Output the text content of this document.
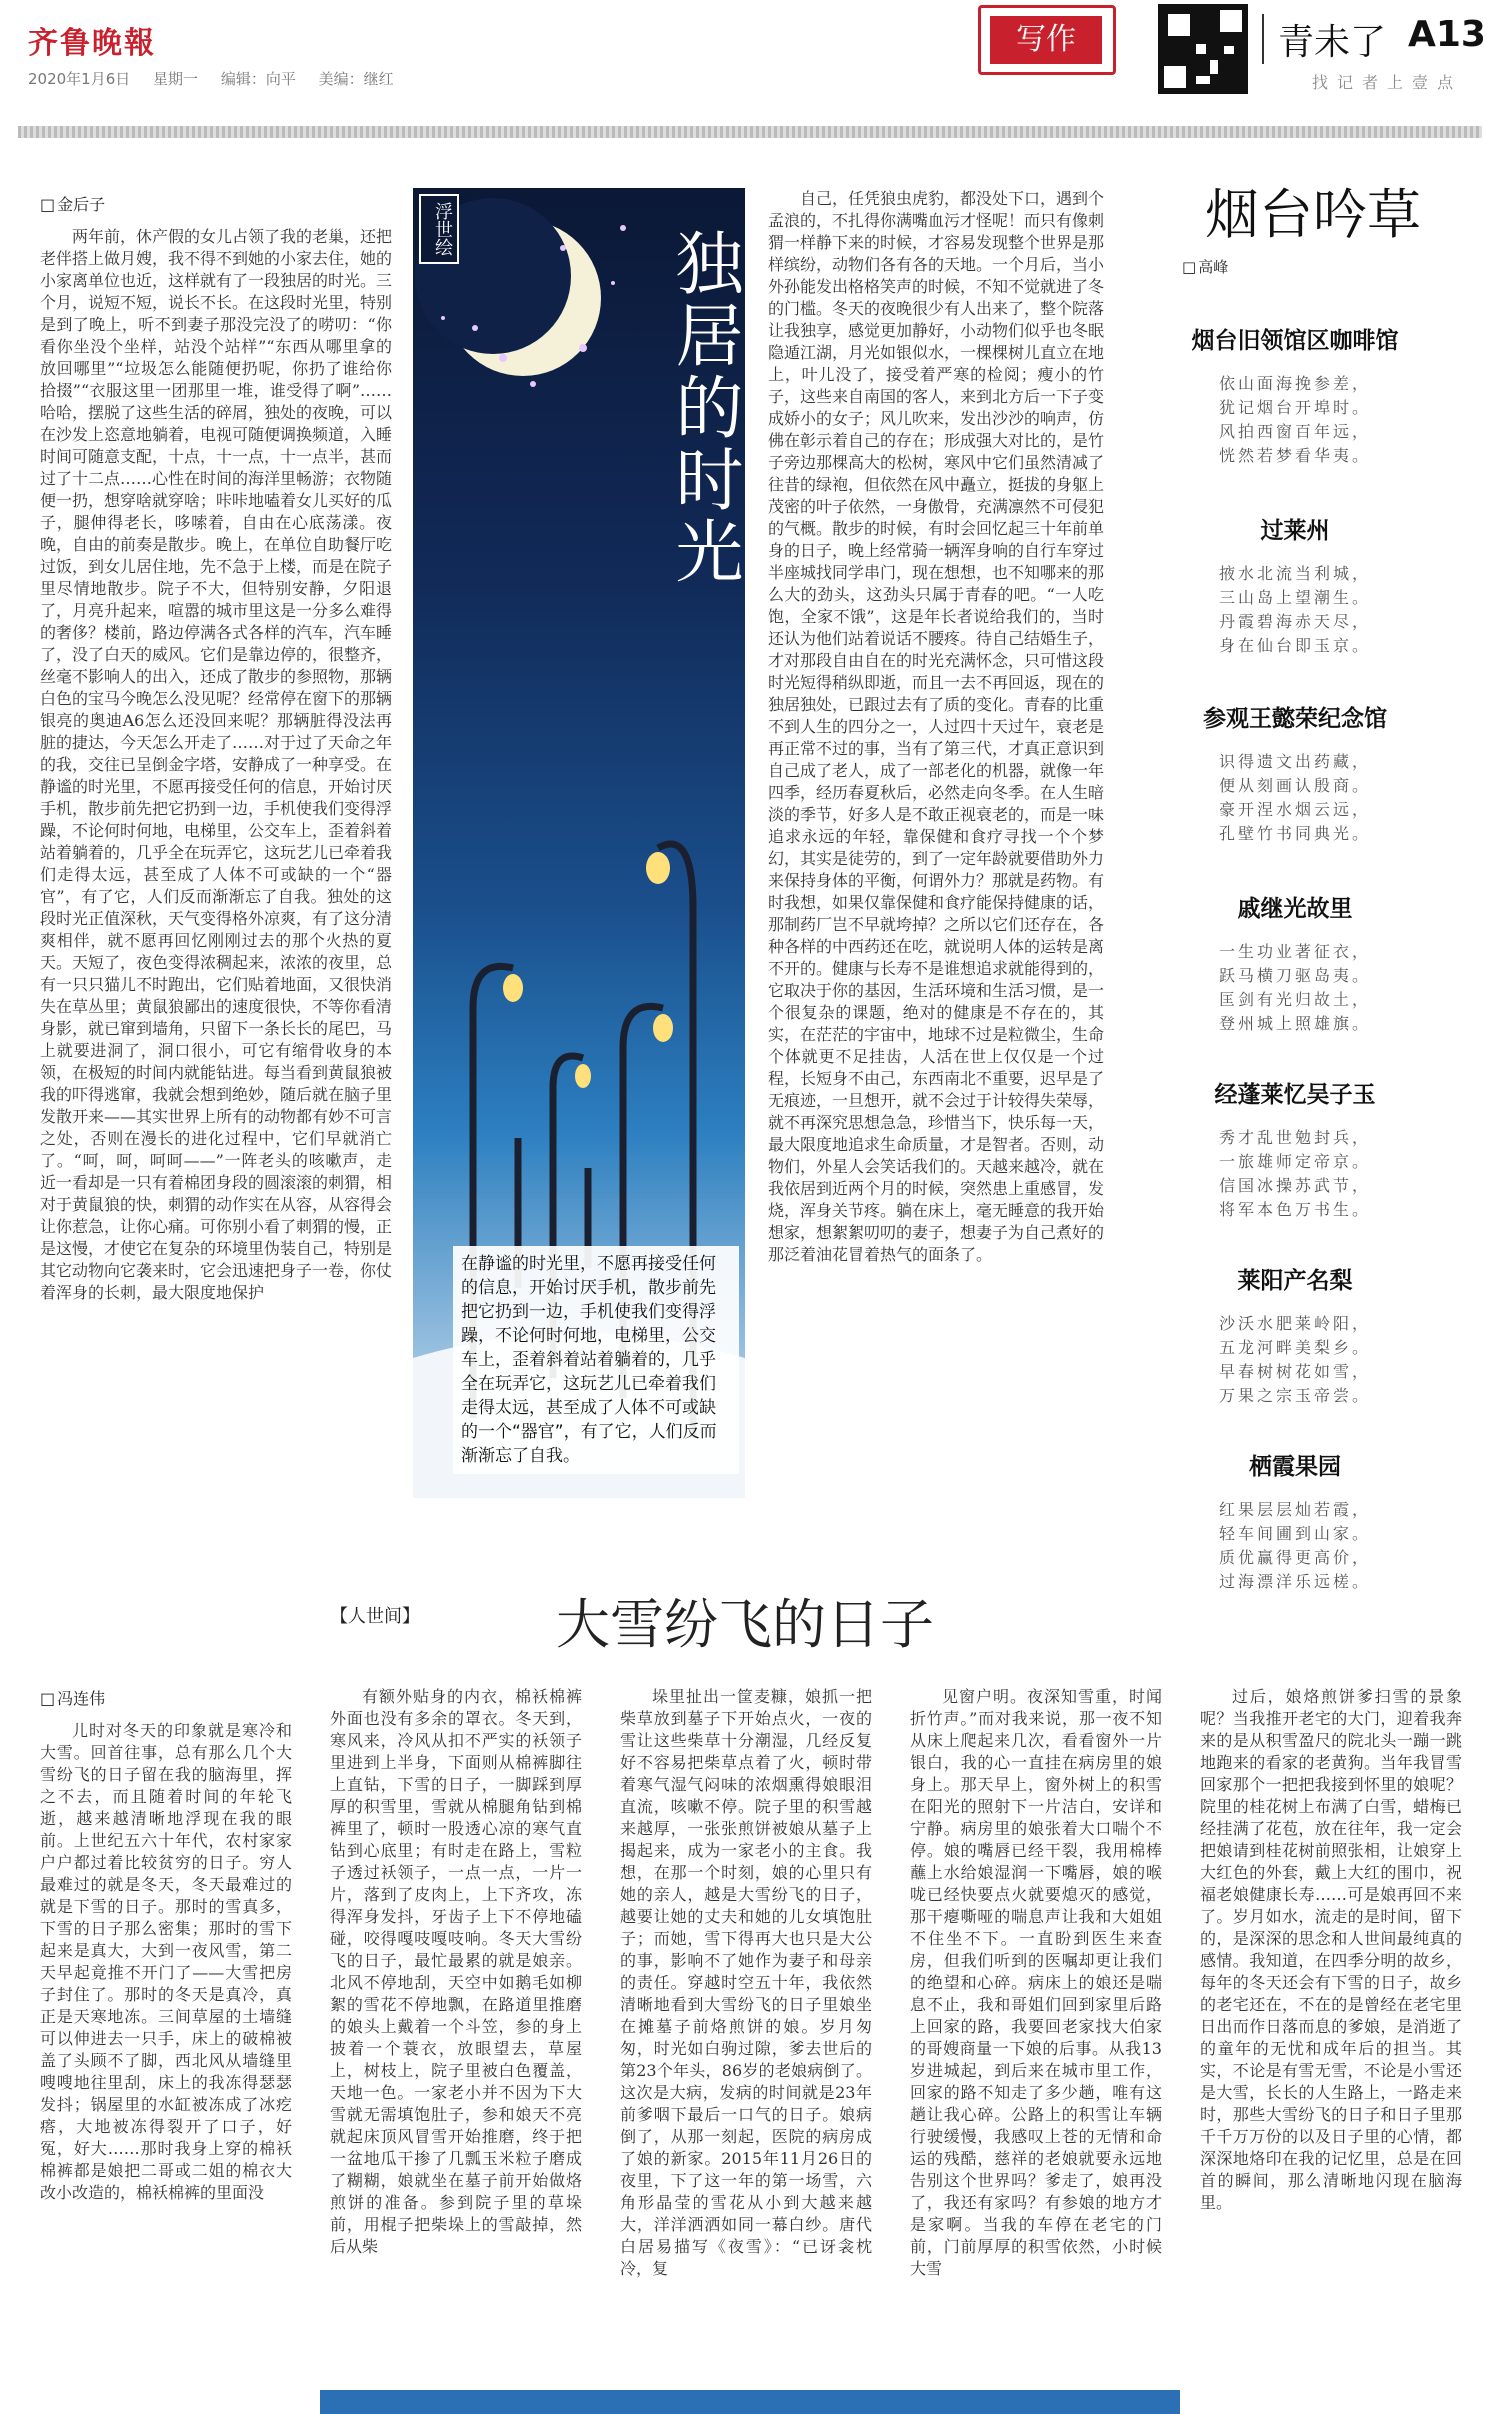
齐鲁晚報
2020年1月6日 星期一 编辑：向平 美编：继红
写作	青未了 A13
找记者上壹点
□ 金后子

两年前，休产假的女儿占领了我的老巢，还把老伴搭上做月嫂，我不得不到她的小家去住，她的小家离单位也近，这样就有了一段独居的时光。三个月，说短不短，说长不长。在这段时光里，特别是到了晚上，听不到妻子那没完没了的唠叨：“你看你坐没个坐样，站没个站样”“东西从哪里拿的放回哪里”“垃圾怎么能随便扔呢，你扔了谁给你拾掇”“衣服这里一团那里一堆，谁受得了啊”……哈哈，摆脱了这些生活的碎屑，独处的夜晚，可以在沙发上恣意地躺着，电视可随便调换频道，入睡时间可随意支配，十点，十一点，十一点半，甚而过了十二点……心性在时间的海洋里畅游；衣物随便一扔，想穿啥就穿啥；咔咔地嗑着女儿买好的瓜子，腿伸得老长，哆嗦着，自由在心底荡漾。夜晚，自由的前奏是散步。晚上，在单位自助餐厅吃过饭，到女儿居住地，先不急于上楼，而是在院子里尽情地散步。院子不大，但特别安静，夕阳退了，月亮升起来，喧嚣的城市里这是一分多么难得的奢侈？楼前，路边停满各式各样的汽车，汽车睡了，没了白天的威风。它们是靠边停的，很整齐，丝毫不影响人的出入，还成了散步的参照物，那辆白色的宝马今晚怎么没见呢？经常停在窗下的那辆银亮的奥迪A6怎么还没回来呢？那辆脏得没法再脏的捷达，今天怎么开走了……对于过了天命之年的我，交往已呈倒金字塔，安静成了一种享受。在静谧的时光里，不愿再接受任何的信息，开始讨厌手机，散步前先把它扔到一边，手机使我们变得浮躁，不论何时何地，电梯里，公交车上，歪着斜着站着躺着的，几乎全在玩弄它，这玩艺儿已牵着我们走得太远，甚至成了人体不可或缺的一个“器官”，有了它，人们反而渐渐忘了自我。独处的这段时光正值深秋，天气变得格外凉爽，有了这分清爽相伴，就不愿再回忆刚刚过去的那个火热的夏天。天短了，夜色变得浓稠起来，浓浓的夜里，总有一只只猫儿不时跑出，它们贴着地面，又很快消失在草丛里；黄鼠狼鄙出的速度很快，不等你看清身影，就已窜到墙角，只留下一条长长的尾巴，马上就要进洞了，洞口很小，可它有缩骨收身的本领，在极短的时间内就能钻进。每当看到黄鼠狼被我的吓得逃窜，我就会想到绝妙，随后就在脑子里发散开来——其实世界上所有的动物都有妙不可言之处，否则在漫长的进化过程中，它们早就消亡了。“呵，呵，呵呵——”一阵老头的咳嗽声，走近一看却是一只有着棉团身段的圆滚滚的刺猬，相对于黄鼠狼的快，刺猬的动作实在从容，从容得会让你惹急，让你心痛。可你别小看了刺猬的慢，正是这慢，才使它在复杂的环境里伪装自己，特别是其它动物向它袭来时，它会迅速把身子一卷，你仗着浑身的长刺，最大限度地保护

浮世绘	独居的时光
在静谧的时光里，不愿再接受任何的信息，开始讨厌手机，散步前先把它扔到一边，手机使我们变得浮躁，不论何时何地，电梯里，公交车上，歪着斜着站着躺着的，几乎全在玩弄它，这玩艺儿已牵着我们走得太远，甚至成了人体不可或缺的一个“器官”，有了它，人们反而渐渐忘了自我。

自己，任凭狼虫虎豹，都没处下口，遇到个孟浪的，不扎得你满嘴血污才怪呢！而只有像刺猬一样静下来的时候，才容易发现整个世界是那样缤纷，动物们各有各的天地。一个月后，当小外孙能发出格格笑声的时候，不知不觉就进了冬的门槛。冬天的夜晚很少有人出来了，整个院落让我独享，感觉更加静好，小动物们似乎也冬眠隐遁江湖，月光如银似水，一棵棵树儿直立在地上，叶儿没了，接受着严寒的检阅；瘦小的竹子，这些来自南国的客人，来到北方后一下子变成娇小的女子；风儿吹来，发出沙沙的响声，仿佛在彰示着自己的存在；形成强大对比的，是竹子旁边那棵高大的松树，寒风中它们虽然清减了往昔的绿袍，但依然在风中矗立，挺拔的身躯上茂密的叶子依然，一身傲骨，充满凛然不可侵犯的气概。散步的时候，有时会回忆起三十年前单身的日子，晚上经常骑一辆浑身响的自行车穿过半座城找同学串门，现在想想，也不知哪来的那么大的劲头，这劲头只属于青春的吧。“一人吃饱，全家不饿”，这是年长者说给我们的，当时还认为他们站着说话不腰疼。待自己结婚生子，才对那段自由自在的时光充满怀念，只可惜这段时光短得稍纵即逝，而且一去不再回返，现在的独居独处，已跟过去有了质的变化。青春的比重不到人生的四分之一，人过四十天过午，衰老是再正常不过的事，当有了第三代，才真正意识到自己成了老人，成了一部老化的机器，就像一年四季，经历春夏秋后，必然走向冬季。在人生暗淡的季节，好多人是不敢正视衰老的，而是一味追求永远的年轻，靠保健和食疗寻找一个个梦幻，其实是徒劳的，到了一定年龄就要借助外力来保持身体的平衡，何谓外力？那就是药物。有时我想，如果仅靠保健和食疗能保持健康的话，那制药厂岂不早就垮掉？之所以它们还存在，各种各样的中西药还在吃，就说明人体的运转是离不开的。健康与长寿不是谁想追求就能得到的，它取决于你的基因，生活环境和生活习惯，是一个很复杂的课题，绝对的健康是不存在的，其实，在茫茫的宇宙中，地球不过是粒微尘，生命个体就更不足挂齿，人活在世上仅仅是一个过程，长短身不由己，东西南北不重要，迟早是了无痕迹，一旦想开，就不会过于计较得失荣辱，就不再深究思想急急，珍惜当下，快乐每一天，最大限度地追求生命质量，才是智者。否则，动物们，外星人会笑话我们的。天越来越冷，就在我依居到近两个月的时候，突然患上重感冒，发烧，浑身关节疼。躺在床上，毫无睡意的我开始想家，想絮絮叨叨的妻子，想妻子为自己煮好的那泛着油花冒着热气的面条了。

烟台吟草
□ 高峰
烟台旧领馆区咖啡馆
依山面海挽参差，
犹记烟台开埠时。
风拍西窗百年远，
恍然若梦看华夷。
过莱州
掖水北流当利城，
三山岛上望潮生。
丹霞碧海赤天尽，
身在仙台即玉京。
参观王懿荣纪念馆
识得遗文出药藏，
便从刻画认殷商。
豪开涅水烟云远，
孔壁竹书同典光。
戚继光故里
一生功业著征衣，
跃马横刀驱岛夷。
匡剑有光归故土，
登州城上照雄旗。
经蓬莱忆吴子玉
秀才乱世勉封兵，
一旅雄师定帝京。
信国冰操苏武节，
将军本色万书生。
莱阳产名梨
沙沃水肥莱岭阳，
五龙河畔美梨乡。
早春树树花如雪，
万果之宗玉帝尝。
栖霞果园
红果层层灿若霞，
轻车间圃到山家。
质优赢得更高价，
过海漂洋乐远槎。
【人世间】	大雪纷飞的日子
□ 冯连伟

儿时对冬天的印象就是寒冷和大雪。回首往事，总有那么几个大雪纷飞的日子留在我的脑海里，挥之不去，而且随着时间的年轮飞逝，越来越清晰地浮现在我的眼前。上世纪五六十年代，农村家家户户都过着比较贫穷的日子。穷人最难过的就是冬天，冬天最难过的就是下雪的日子。那时的雪真多，下雪的日子那么密集；那时的雪下起来是真大，大到一夜风雪，第二天早起竟推不开门了——大雪把房子封住了。那时的冬天是真冷，真正是天寒地冻。三间草屋的土墙缝可以伸进去一只手，床上的破棉被盖了头顾不了脚，西北风从墙缝里嗖嗖地往里刮，床上的我冻得瑟瑟发抖；锅屋里的水缸被冻成了冰疙瘩，大地被冻得裂开了口子，好冤，好大……那时我身上穿的棉袄棉裤都是娘把二哥或二姐的棉衣大改小改造的，棉袄棉裤的里面没

有额外贴身的内衣，棉袄棉裤外面也没有多余的罩衣。冬天到，寒风来，冷风从扣不严实的袄领子里进到上半身，下面则从棉裤脚往上直钻，下雪的日子，一脚踩到厚厚的积雪里，雪就从棉腿角钻到棉裤里了，顿时一股透心凉的寒气直钻到心底里；有时走在路上，雪粒子透过袄领子，一点一点，一片一片，落到了皮肉上，上下齐攻，冻得浑身发抖，牙齿子上下不停地磕碰，咬得嘎吱嘎吱响。冬天大雪纷飞的日子，最忙最累的就是娘亲。北风不停地刮，天空中如鹅毛如柳絮的雪花不停地飘，在路道里推磨的娘头上戴着一个斗笠，参的身上披着一个蓑衣，放眼望去，草屋上，树枝上，院子里被白色覆盖，天地一色。一家老小并不因为下大雪就无需填饱肚子，参和娘天不亮就起床顶风冒雪开始推磨，终于把一盆地瓜干掺了几瓢玉米粒子磨成了糊糊，娘就坐在墓子前开始做烙煎饼的准备。参到院子里的草垛前，用棍子把柴垛上的雪敲掉，然后从柴

垛里扯出一筐麦糠，娘抓一把柴草放到墓子下开始点火，一夜的雪让这些柴草十分潮湿，几经反复好不容易把柴草点着了火，顿时带着寒气湿气闷味的浓烟熏得娘眼泪直流，咳嗽不停。院子里的积雪越来越厚，一张张煎饼被娘从墓子上揭起来，成为一家老小的主食。我想，在那一个时刻，娘的心里只有她的亲人，越是大雪纷飞的日子，越要让她的丈夫和她的儿女填饱肚子；而她，雪下得再大也只是大公的事，影响不了她作为妻子和母亲的责任。穿越时空五十年，我依然清晰地看到大雪纷飞的日子里娘坐在摊墓子前烙煎饼的娘。岁月匆匆，时光如白驹过隙，爹去世后的第23个年头，86岁的老娘病倒了。这次是大病，发病的时间就是23年前爹咽下最后一口气的日子。娘病倒了，从那一刻起，医院的病房成了娘的新家。2015年11月26日的夜里，下了这一年的第一场雪，六角形晶莹的雪花从小到大越来越大，洋洋洒洒如同一幕白纱。唐代白居易描写《夜雪》：“已讶衾枕冷，复

见窗户明。夜深知雪重，时闻折竹声。”而对我来说，那一夜不知从床上爬起来几次，看看窗外一片银白，我的心一直挂在病房里的娘身上。那天早上，窗外树上的积雪在阳光的照射下一片洁白，安详和宁静。病房里的娘张着大口喘个不停。娘的嘴唇已经干裂，我用棉棒蘸上水给娘湿润一下嘴唇，娘的喉咙已经快要点火就要熄灭的感觉，那干瘪嘶哑的喘息声让我和大姐姐不住坐不下。一直盼到医生来查房，但我们听到的医嘱却更让我们的绝望和心碎。病床上的娘还是喘息不止，我和哥姐们回到家里后路上回家的路，我要回老家找大伯家的哥嫂商量一下娘的后事。从我13岁进城起，到后来在城市里工作，回家的路不知走了多少趟，唯有这趟让我心碎。公路上的积雪让车辆行驶缓慢，我感叹上苍的无情和命运的残酷，慈祥的老娘就要永远地告别这个世界吗？爹走了，娘再没了，我还有家吗？有参娘的地方才是家啊。当我的车停在老宅的门前，门前厚厚的积雪依然，小时候大雪

过后，娘烙煎饼爹扫雪的景象呢？当我推开老宅的大门，迎着我奔来的是从积雪盈尺的院北头一蹦一跳地跑来的看家的老黄狗。当年我冒雪回家那个一把把我接到怀里的娘呢？院里的桂花树上布满了白雪，蜡梅已经挂满了花苞，放在往年，我一定会把娘请到桂花树前照张相，让娘穿上大红色的外套，戴上大红的围巾，祝福老娘健康长寿……可是娘再回不来了。岁月如水，流走的是时间，留下的，是深深的思念和人世间最纯真的感情。我知道，在四季分明的故乡，每年的冬天还会有下雪的日子，故乡的老宅还在，不在的是曾经在老宅里日出而作日落而息的爹娘，是消逝了的童年的无忧和成年后的担当。其实，不论是有雪无雪，不论是小雪还是大雪，长长的人生路上，一路走来时，那些大雪纷飞的日子和日子里那千千万万份的以及日子里的心情，都深深地烙印在我的记忆里，总是在回首的瞬间，那么清晰地闪现在脑海里。
